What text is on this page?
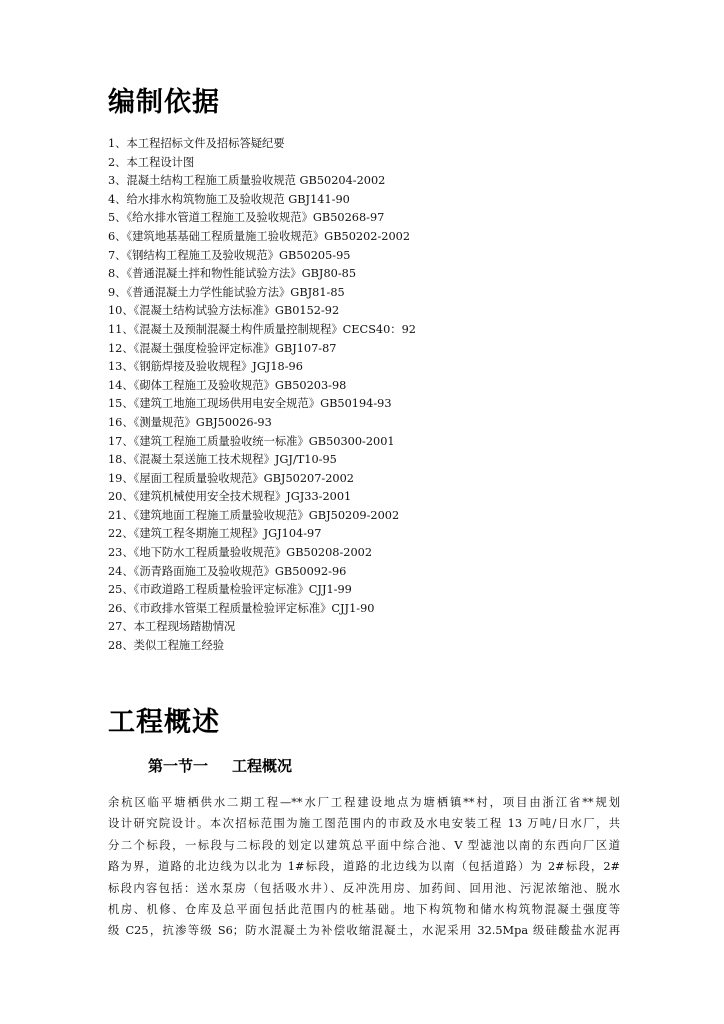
编制依据
1、本工程招标文件及招标答疑纪要
2、本工程设计图
3、混凝土结构工程施工质量验收规范 GB50204-2002
4、给水排水构筑物施工及验收规范 GBJ141-90
5、《给水排水管道工程施工及验收规范》GB50268-97
6、《建筑地基基础工程质量施工验收规范》GB50202-2002
7、《钢结构工程施工及验收规范》GB50205-95
8、《普通混凝土拌和物性能试验方法》GBJ80-85
9、《普通混凝土力学性能试验方法》GBJ81-85
10、《混凝土结构试验方法标准》GB0152-92
11、《混凝土及预制混凝土构件质量控制规程》CECS40：92
12、《混凝土强度检验评定标准》GBJ107-87
13、《钢筋焊接及验收规程》JGJ18-96
14、《砌体工程施工及验收规范》GB50203-98
15、《建筑工地施工现场供用电安全规范》GB50194-93
16、《测量规范》GBJ50026-93
17、《建筑工程施工质量验收统一标准》GB50300-2001
18、《混凝土泵送施工技术规程》JGJ/T10-95
19、《屋面工程质量验收规范》GBJ50207-2002
20、《建筑机械使用安全技术规程》JGJ33-2001
21、《建筑地面工程施工质量验收规范》GBJ50209-2002
22、《建筑工程冬期施工规程》JGJ104-97
23、《地下防水工程质量验收规范》GB50208-2002
24、《沥青路面施工及验收规范》GB50092-96
25、《市政道路工程质量检验评定标准》CJJ1-99
26、《市政排水管渠工程质量检验评定标准》CJJ1-90
27、本工程现场踏勘情况
28、类似工程施工经验
工程概述
第一节一 工程概况
余杭区临平塘栖供水二期工程—**水厂工程建设地点为塘栖镇**村，项目由浙江省**规划
设计研究院设计。本次招标范围为施工图范围内的市政及水电安装工程 13 万吨/日水厂，共
分二个标段，一标段与二标段的划定以建筑总平面中综合池、V 型滤池以南的东西向厂区道
路为界，道路的北边线为以北为 1#标段，道路的北边线为以南（包括道路）为 2#标段，2#
标段内容包括：送水泵房（包括吸水井）、反冲洗用房、加药间、回用池、污泥浓缩池、脱水
机房、机修、仓库及总平面包括此范围内的桩基础。地下构筑物和储水构筑物混凝土强度等
级 C25，抗渗等级 S6；防水混凝土为补偿收缩混凝土，水泥采用 32.5Mpa 级硅酸盐水泥再
